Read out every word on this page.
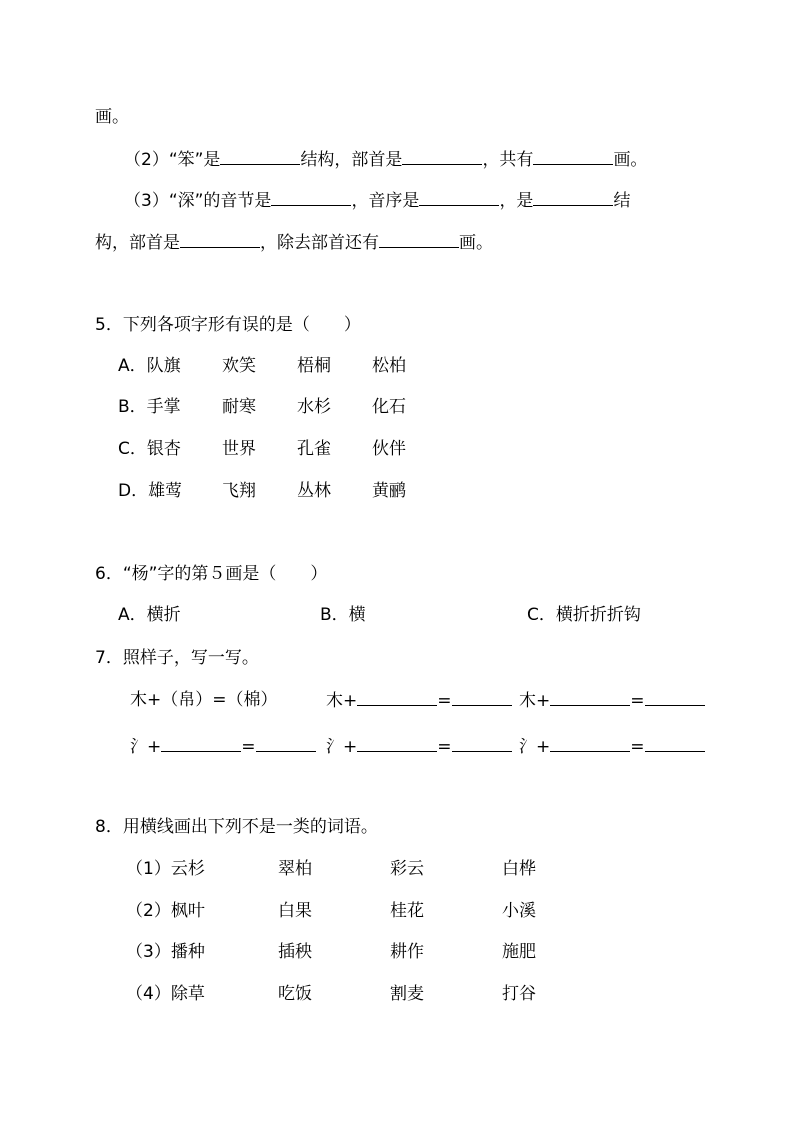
画。
（2）“笨”是	结构，部首是	，共有	画。
（3）“深”的音节是	，音序是	，是	结
构，部首是	，除去部首还有	画。
5．下列各项字形有误的是（　　）
A．队旗 欢笑 梧桐 松柏
B．手掌 耐寒 水杉 化石
C．银杏 世界 孔雀 伙伴
D．雄莺 飞翔 丛林 黄鹂
6．“杨”字的第５画是（　　）
A．横折	B．横	C．横折折折钩
7．照样子，写一写。
木+（帛）=（棉）	木+	=	木+	=
氵+	=	氵+	=	氵+	=
8．用横线画出下列不是一类的词语。
（1）云杉	翠柏	彩云	白桦
（2）枫叶	白果	桂花	小溪
（3）播种	插秧	耕作	施肥
（4）除草	吃饭	割麦	打谷
